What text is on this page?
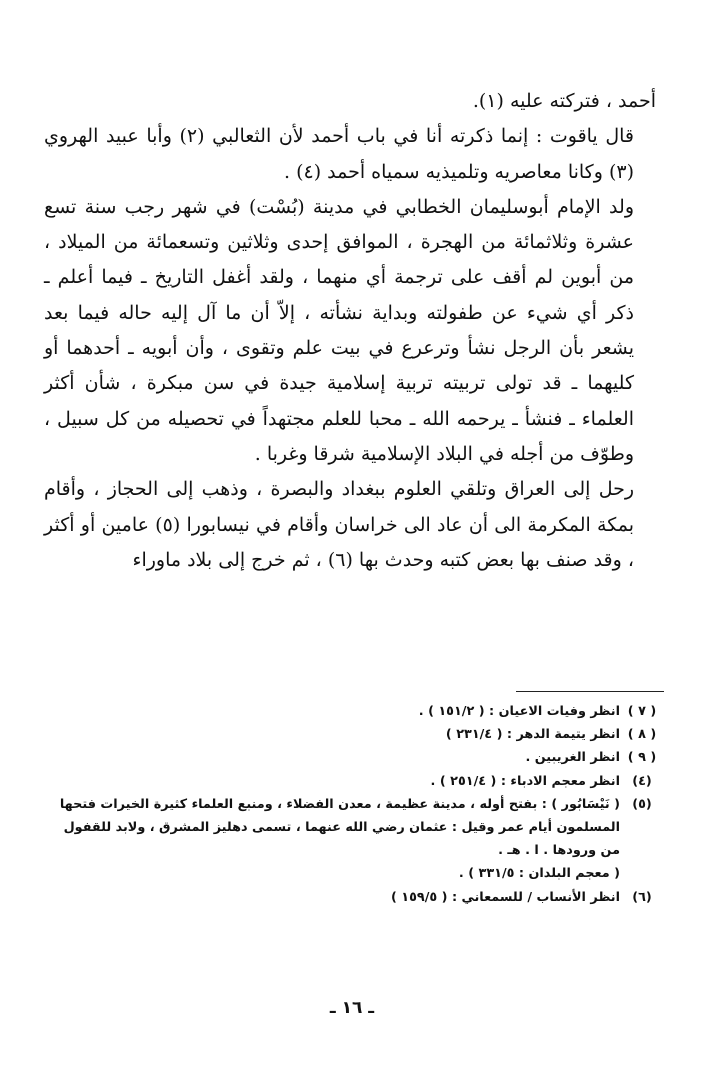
أحمد ، فتركته عليه (١).

قال ياقوت : إنما ذكرته أنا في باب أحمد لأن الثعالبي (٢) وأبا عبيد الهروي (٣) وكانا معاصريه وتلميذيه سمياه أحمد (٤) .

ولد الإمام أبوسليمان الخطابي في مدينة (بُسْت) في شهر رجب سنة تسع عشرة وثلاثمائة من الهجرة ، الموافق إحدى وثلاثين وتسعمائة من الميلاد ، من أبوين لم أقف على ترجمة أي منهما ، ولقد أغفل التاريخ ـ فيما أعلم ـ ذكر أي شيء عن طفولته وبداية نشأته ، إلاّ أن ما آل إليه حاله فيما بعد يشعر بأن الرجل نشأ وترعرع في بيت علم وتقوى ، وأن أبويه ـ أحدهما أو كليهما ـ قد تولى تربيته تربية إسلامية جيدة في سن مبكرة ، شأن أكثر العلماء ـ فنشأ ـ يرحمه الله ـ محبا للعلم مجتهداً في تحصيله من كل سبيل ، وطوّف من أجله في البلاد الإسلامية شرقا وغربا .

رحل إلى العراق وتلقي العلوم ببغداد والبصرة ، وذهب إلى الحجاز ، وأقام بمكة المكرمة الى أن عاد الى خراسان وأقام في نيسابورا (٥) عامين أو أكثر ، وقد صنف بها بعض كتبه وحدث بها (٦) ، ثم خرج إلى بلاد ماوراء

( ٧ )
انظر وفيات الاعيان : ( ١٥١/٢ ) .
( ٨ )
انظر يتيمة الدهر : ( ٢٣١/٤ )
( ٩ )
انظر الغريبين .
(٤)
انظر معجم الادباء : ( ٢٥١/٤ ) .
(٥)
( نَيْسَابُور ) : بفتح أوله ، مدينة عظيمة ، معدن الفضلاء ، ومنبع العلماء كثيرة الخيرات فتحها المسلمون أيام عمر وقيل : عثمان رضي الله عنهما ، تسمى دهليز المشرق ، ولابد للقفول من ورودها . ا . هـ .
( معجم البلدان : ٣٣١/٥ ) .
(٦)
انظر الأنساب / للسمعاني : ( ١٥٩/٥ )
ـ ١٦ ـ
